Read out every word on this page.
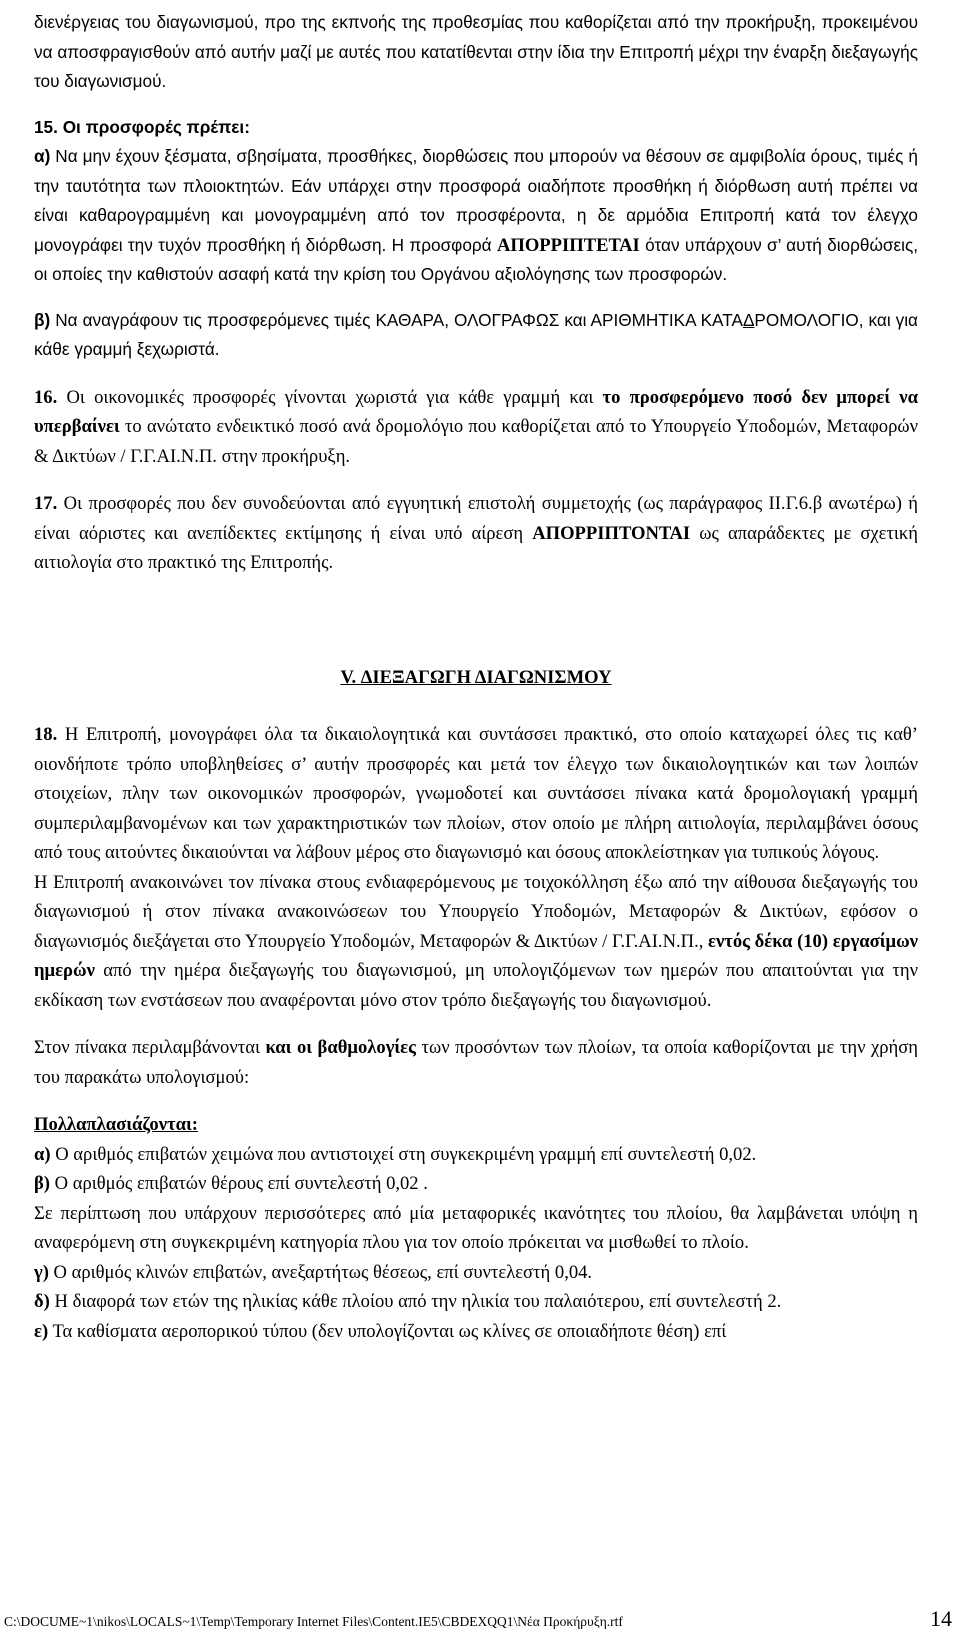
διενέργειας του διαγωνισμού, προ της εκπνοής της προθεσμίας που καθορίζεται από την προκήρυξη, προκειμένου να αποσφραγισθούν από αυτήν μαζί με αυτές που κατατίθενται στην ίδια την Επιτροπή μέχρι την έναρξη διεξαγωγής του διαγωνισμού.

15. Οι προσφορές πρέπει:

α) Να μην έχουν ξέσματα, σβησίματα, προσθήκες, διορθώσεις που μπορούν να θέσουν σε αμφιβολία όρους, τιμές ή την ταυτότητα των πλοιοκτητών. Εάν υπάρχει στην προσφορά οιαδήποτε προσθήκη ή διόρθωση αυτή πρέπει να είναι καθαρογραμμένη και μονογραμμένη από τον προσφέροντα, η δε αρμόδια Επιτροπή κατά τον έλεγχο μονογράφει την τυχόν προσθήκη ή διόρθωση. Η προσφορά ΑΠΟΡΡΙΠΤΕΤΑΙ όταν υπάρχουν σ’ αυτή διορθώσεις, οι οποίες την καθιστούν ασαφή κατά την κρίση του Οργάνου αξιολόγησης των προσφορών.

β) Να αναγράφουν τις προσφερόμενες τιμές ΚΑΘΑΡΑ, ΟΛΟΓΡΑΦΩΣ και ΑΡΙΘΜΗΤΙΚΑ ΚΑΤΑΔΡΟΜΟΛΟΓΙΟ, και για κάθε γραμμή ξεχωριστά.

16. Οι οικονομικές προσφορές γίνονται χωριστά για κάθε γραμμή και το προσφερόμενο ποσό δεν μπορεί να υπερβαίνει το ανώτατο ενδεικτικό ποσό ανά δρομολόγιο που καθορίζεται από το Υπουργείο Υποδομών, Μεταφορών & Δικτύων / Γ.Γ.ΑΙ.Ν.Π. στην προκήρυξη.

17. Οι προσφορές που δεν συνοδεύονται από εγγυητική επιστολή συμμετοχής (ως παράγραφος ΙΙ.Γ.6.β ανωτέρω) ή είναι αόριστες και ανεπίδεκτες εκτίμησης ή είναι υπό αίρεση ΑΠΟΡΡΙΠΤΟΝΤΑΙ ως απαράδεκτες με σχετική αιτιολογία στο πρακτικό της Επιτροπής.

V. ΔΙΕΞΑΓΩΓΗ ΔΙΑΓΩΝΙΣΜΟΥ

18. Η Επιτροπή, μονογράφει όλα τα δικαιολογητικά και συντάσσει πρακτικό, στο οποίο καταχωρεί όλες τις καθ’ οιονδήποτε τρόπο υποβληθείσες σ’ αυτήν προσφορές και μετά τον έλεγχο των δικαιολογητικών και των λοιπών στοιχείων, πλην των οικονομικών προσφορών, γνωμοδοτεί και συντάσσει πίνακα κατά δρομολογιακή γραμμή συμπεριλαμβανομένων και των χαρακτηριστικών των πλοίων, στον οποίο με πλήρη αιτιολογία, περιλαμβάνει όσους από τους αιτούντες δικαιούνται να λάβουν μέρος στο διαγωνισμό και όσους αποκλείστηκαν για τυπικούς λόγους.

Η Επιτροπή ανακοινώνει τον πίνακα στους ενδιαφερόμενους με τοιχοκόλληση έξω από την αίθουσα διεξαγωγής του διαγωνισμού ή στον πίνακα ανακοινώσεων του Υπουργείο Υποδομών, Μεταφορών & Δικτύων, εφόσον ο διαγωνισμός διεξάγεται στο Υπουργείο Υποδομών, Μεταφορών & Δικτύων / Γ.Γ.ΑΙ.Ν.Π., εντός δέκα (10) εργασίμων ημερών από την ημέρα διεξαγωγής του διαγωνισμού, μη υπολογιζόμενων των ημερών που απαιτούνται για την εκδίκαση των ενστάσεων που αναφέρονται μόνο στον τρόπο διεξαγωγής του διαγωνισμού.

Στον πίνακα περιλαμβάνονται και οι βαθμολογίες των προσόντων των πλοίων, τα οποία καθορίζονται με την χρήση του παρακάτω υπολογισμού:

Πολλαπλασιάζονται:

α) Ο αριθμός επιβατών χειμώνα που αντιστοιχεί στη συγκεκριμένη γραμμή επί συντελεστή 0,02.

β) Ο αριθμός επιβατών θέρους επί συντελεστή 0,02 .

Σε περίπτωση που υπάρχουν περισσότερες από μία μεταφορικές ικανότητες του πλοίου, θα λαμβάνεται υπόψη η αναφερόμενη στη συγκεκριμένη κατηγορία πλου για τον οποίο πρόκειται να μισθωθεί το πλοίο.

γ) Ο αριθμός κλινών επιβατών, ανεξαρτήτως θέσεως, επί συντελεστή 0,04.

δ) Η διαφορά των ετών της ηλικίας κάθε πλοίου από την ηλικία του παλαιότερου, επί συντελεστή 2.

ε) Τα καθίσματα αεροπορικού τύπου (δεν υπολογίζονται ως κλίνες σε οποιαδήποτε θέση) επί

C:\DOCUME~1\nikos\LOCALS~1\Temp\Temporary Internet Files\Content.IE5\CBDEXQQ1\Νέα Προκήρυξη.rtf	14
